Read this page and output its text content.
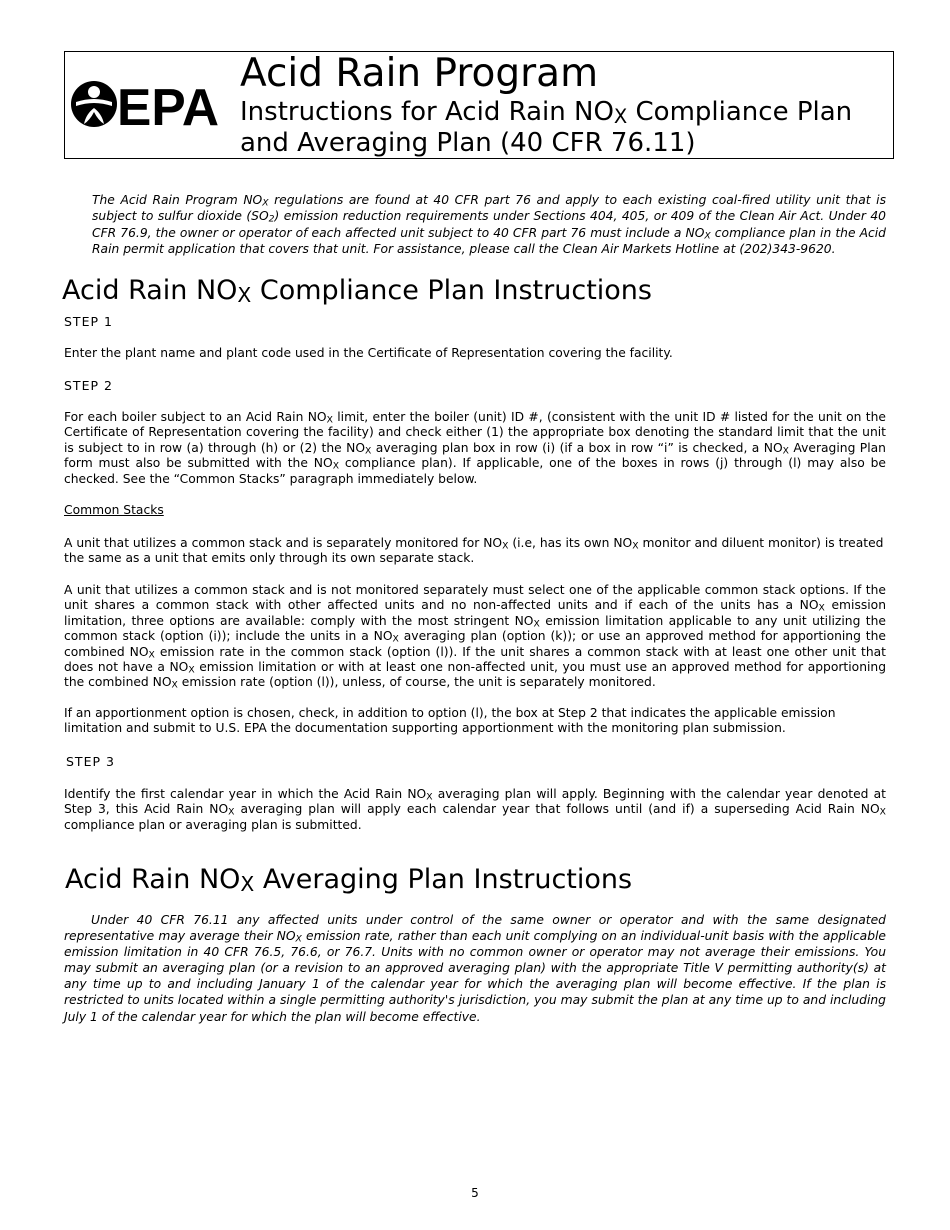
EPA
Acid Rain Program
Instructions for Acid Rain $NO_X$ Compliance Plan
and Averaging Plan (40 CFR 76.11)
The Acid Rain Program $NO_X$ regulations are found at 40 CFR part 76 and apply to each existing coal-fired utility unit that is subject to sulfur dioxide $(SO_2)$ emission reduction requirements under Sections 404, 405, or 409 of the Clean Air Act. Under 40 CFR 76.9, the owner or operator of each affected unit subject to 40 CFR part 76 must include a $NO_X$ compliance plan in the Acid Rain permit application that covers that unit. For assistance, please call the Clean Air Markets Hotline at (202)343-9620.
Acid Rain $NO_X$ Compliance Plan Instructions
STEP 1
Enter the plant name and plant code used in the Certificate of Representation covering the facility.
STEP 2
For each boiler subject to an Acid Rain $NO_X$ limit, enter the boiler (unit) ID #, (consistent with the unit ID # listed for the unit on the Certificate of Representation covering the facility) and check either (1) the appropriate box denoting the standard limit that the unit is subject to in row (a) through (h) or (2) the $NO_X$ averaging plan box in row (i) (if a box in row “i” is checked, a $NO_X$ Averaging Plan form must also be submitted with the $NO_X$ compliance plan). If applicable, one of the boxes in rows (j) through (l) may also be checked. See the “Common Stacks” paragraph immediately below.
Common Stacks
A unit that utilizes a common stack and is separately monitored for $NO_X$ (i.e, has its own $NO_X$ monitor and diluent monitor) is treated the same as a unit that emits only through its own separate stack.
A unit that utilizes a common stack and is not monitored separately must select one of the applicable common stack options. If the unit shares a common stack with other affected units and no non-affected units and if each of the units has a $NO_X$ emission limitation, three options are available: comply with the most stringent $NO_X$ emission limitation applicable to any unit utilizing the common stack (option (i)); include the units in a $NO_X$ averaging plan (option (k)); or use an approved method for apportioning the combined $NO_X$ emission rate in the common stack (option (l)). If the unit shares a common stack with at least one other unit that does not have a $NO_X$ emission limitation or with at least one non-affected unit, you must use an approved method for apportioning the combined $NO_X$ emission rate (option (l)), unless, of course, the unit is separately monitored.
If an apportionment option is chosen, check, in addition to option (l), the box at Step 2 that indicates the applicable emission
limitation and submit to U.S. EPA the documentation supporting apportionment with the monitoring plan submission.
STEP 3
Identify the first calendar year in which the Acid Rain $NO_X$ averaging plan will apply. Beginning with the calendar year denoted at Step 3, this Acid Rain $NO_X$ averaging plan will apply each calendar year that follows until (and if) a superseding Acid Rain $NO_X$ compliance plan or averaging plan is submitted.
Acid Rain $NO_X$ Averaging Plan Instructions
Under 40 CFR 76.11 any affected units under control of the same owner or operator and with the same designated representative may average their $NO_X$ emission rate, rather than each unit complying on an individual-unit basis with the applicable emission limitation in 40 CFR 76.5, 76.6, or 76.7. Units with no common owner or operator may not average their emissions. You may submit an averaging plan (or a revision to an approved averaging plan) with the appropriate Title V permitting authority(s) at any time up to and including January 1 of the calendar year for which the averaging plan will become effective. If the plan is restricted to units located within a single permitting authority's jurisdiction, you may submit the plan at any time up to and including July 1 of the calendar year for which the plan will become effective.
5
